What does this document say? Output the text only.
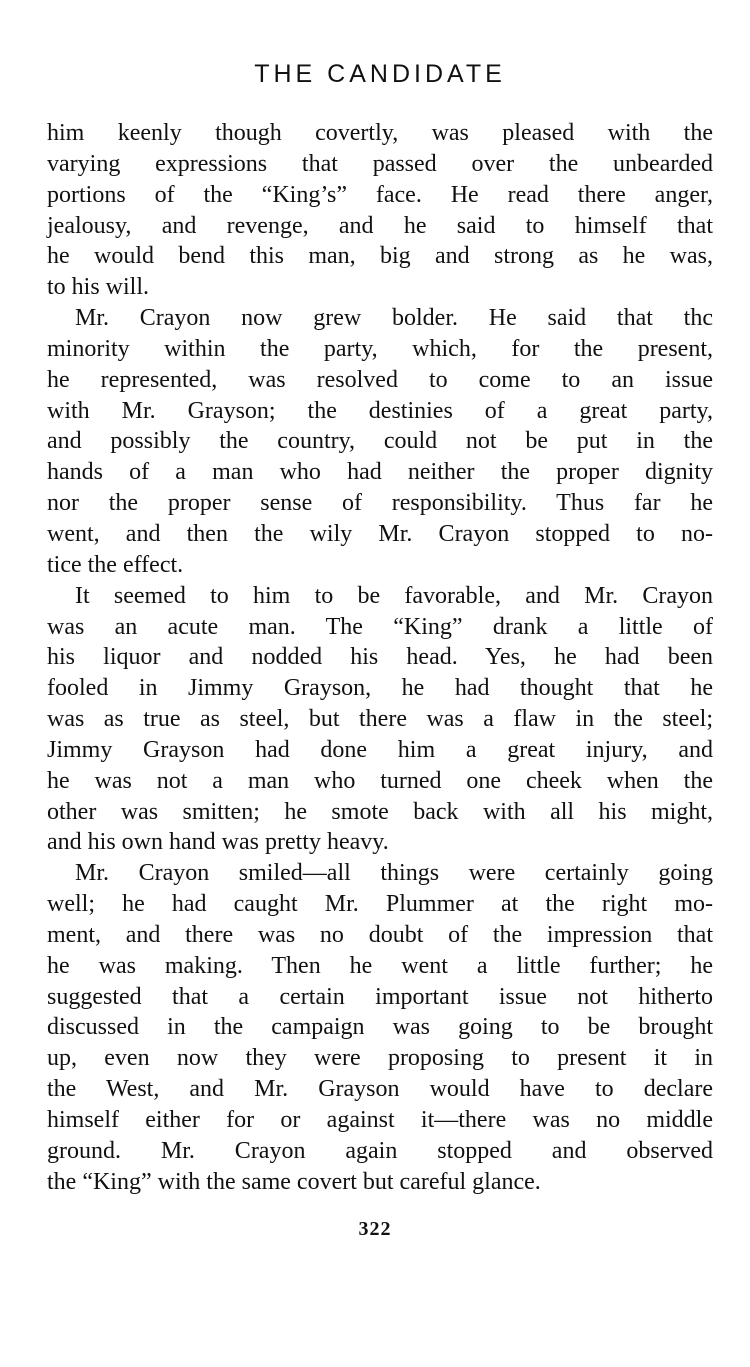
THE CANDIDATE
him keenly though covertly, was pleased with the
varying expressions that passed over the unbearded
portions of the “King’s” face. He read there anger,
jealousy, and revenge, and he said to himself that
he would bend this man, big and strong as he was,
to his will.
Mr. Crayon now grew bolder. He said that thc
minority within the party, which, for the present,
he represented, was resolved to come to an issue
with Mr. Grayson; the destinies of a great party,
and possibly the country, could not be put in the
hands of a man who had neither the proper dignity
nor the proper sense of responsibility. Thus far he
went, and then the wily Mr. Crayon stopped to no-
tice the effect.
It seemed to him to be favorable, and Mr. Crayon
was an acute man. The “King” drank a little of
his liquor and nodded his head. Yes, he had been
fooled in Jimmy Grayson, he had thought that he
was as true as steel, but there was a flaw in the steel;
Jimmy Grayson had done him a great injury, and
he was not a man who turned one cheek when the
other was smitten; he smote back with all his might,
and his own hand was pretty heavy.
Mr. Crayon smiled—all things were certainly going
well; he had caught Mr. Plummer at the right mo-
ment, and there was no doubt of the impression that
he was making. Then he went a little further; he
suggested that a certain important issue not hitherto
discussed in the campaign was going to be brought
up, even now they were proposing to present it in
the West, and Mr. Grayson would have to declare
himself either for or against it—there was no middle
ground. Mr. Crayon again stopped and observed
the “King” with the same covert but careful glance.
322
